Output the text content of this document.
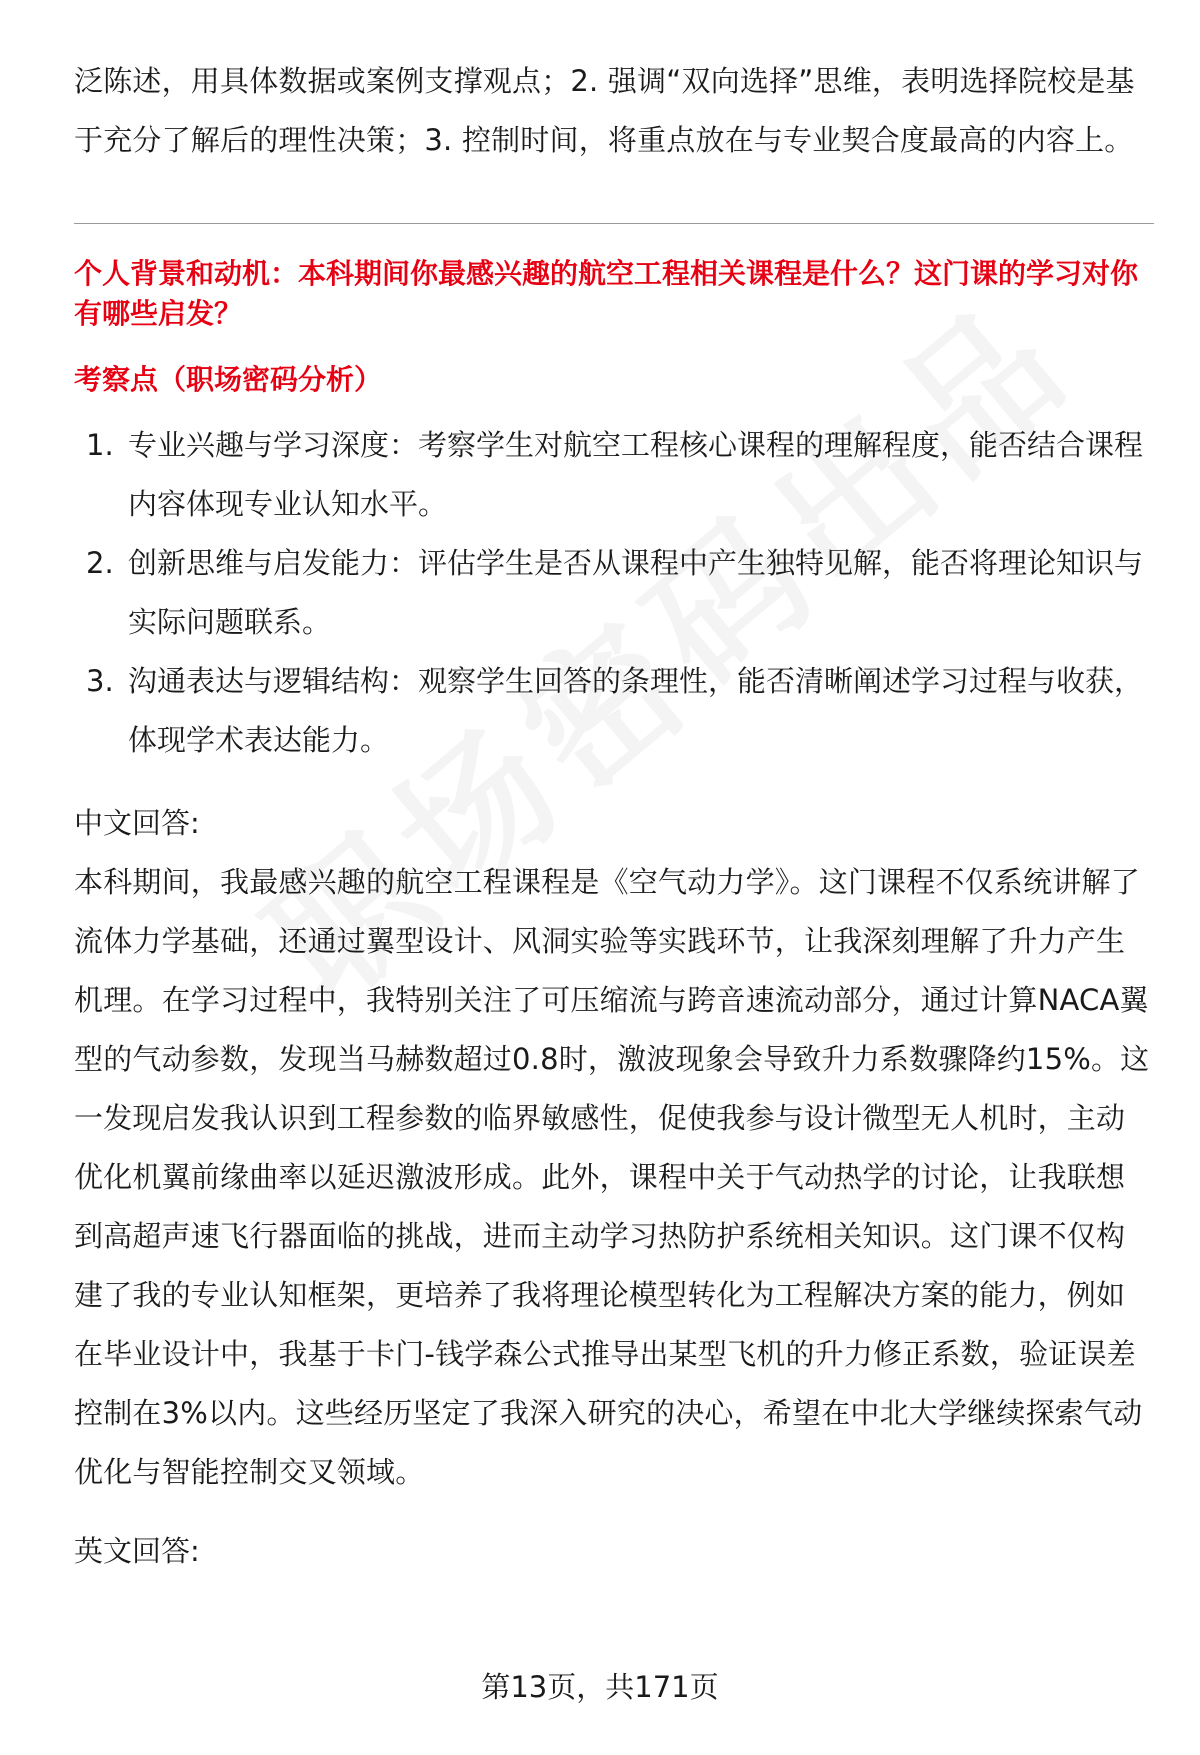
泛陈述，用具体数据或案例支撑观点；2. 强调“双向选择”思维，表明选择院校是基于充分了解后的理性决策；3. 控制时间，将重点放在与专业契合度最高的内容上。

个人背景和动机：本科期间你最感兴趣的航空工程相关课程是什么？这门课的学习对你有哪些启发？

考察点（职场密码分析）

1. 专业兴趣与学习深度：考察学生对航空工程核心课程的理解程度，能否结合课程内容体现专业认知水平。
2. 创新思维与启发能力：评估学生是否从课程中产生独特见解，能否将理论知识与实际问题联系。
3. 沟通表达与逻辑结构：观察学生回答的条理性，能否清晰阐述学习过程与收获，体现学术表达能力。

中文回答:

本科期间，我最感兴趣的航空工程课程是《空气动力学》。这门课程不仅系统讲解了流体力学基础，还通过翼型设计、风洞实验等实践环节，让我深刻理解了升力产生机理。在学习过程中，我特别关注了可压缩流与跨音速流动部分，通过计算NACA翼型的气动参数，发现当马赫数超过0.8时，激波现象会导致升力系数骤降约15%。这一发现启发我认识到工程参数的临界敏感性，促使我参与设计微型无人机时，主动优化机翼前缘曲率以延迟激波形成。此外，课程中关于气动热学的讨论，让我联想到高超声速飞行器面临的挑战，进而主动学习热防护系统相关知识。这门课不仅构建了我的专业认知框架，更培养了我将理论模型转化为工程解决方案的能力，例如在毕业设计中，我基于卡门-钱学森公式推导出某型飞机的升力修正系数，验证误差控制在3%以内。这些经历坚定了我深入研究的决心，希望在中北大学继续探索气动优化与智能控制交叉领域。

英文回答:

第13页，共171页
